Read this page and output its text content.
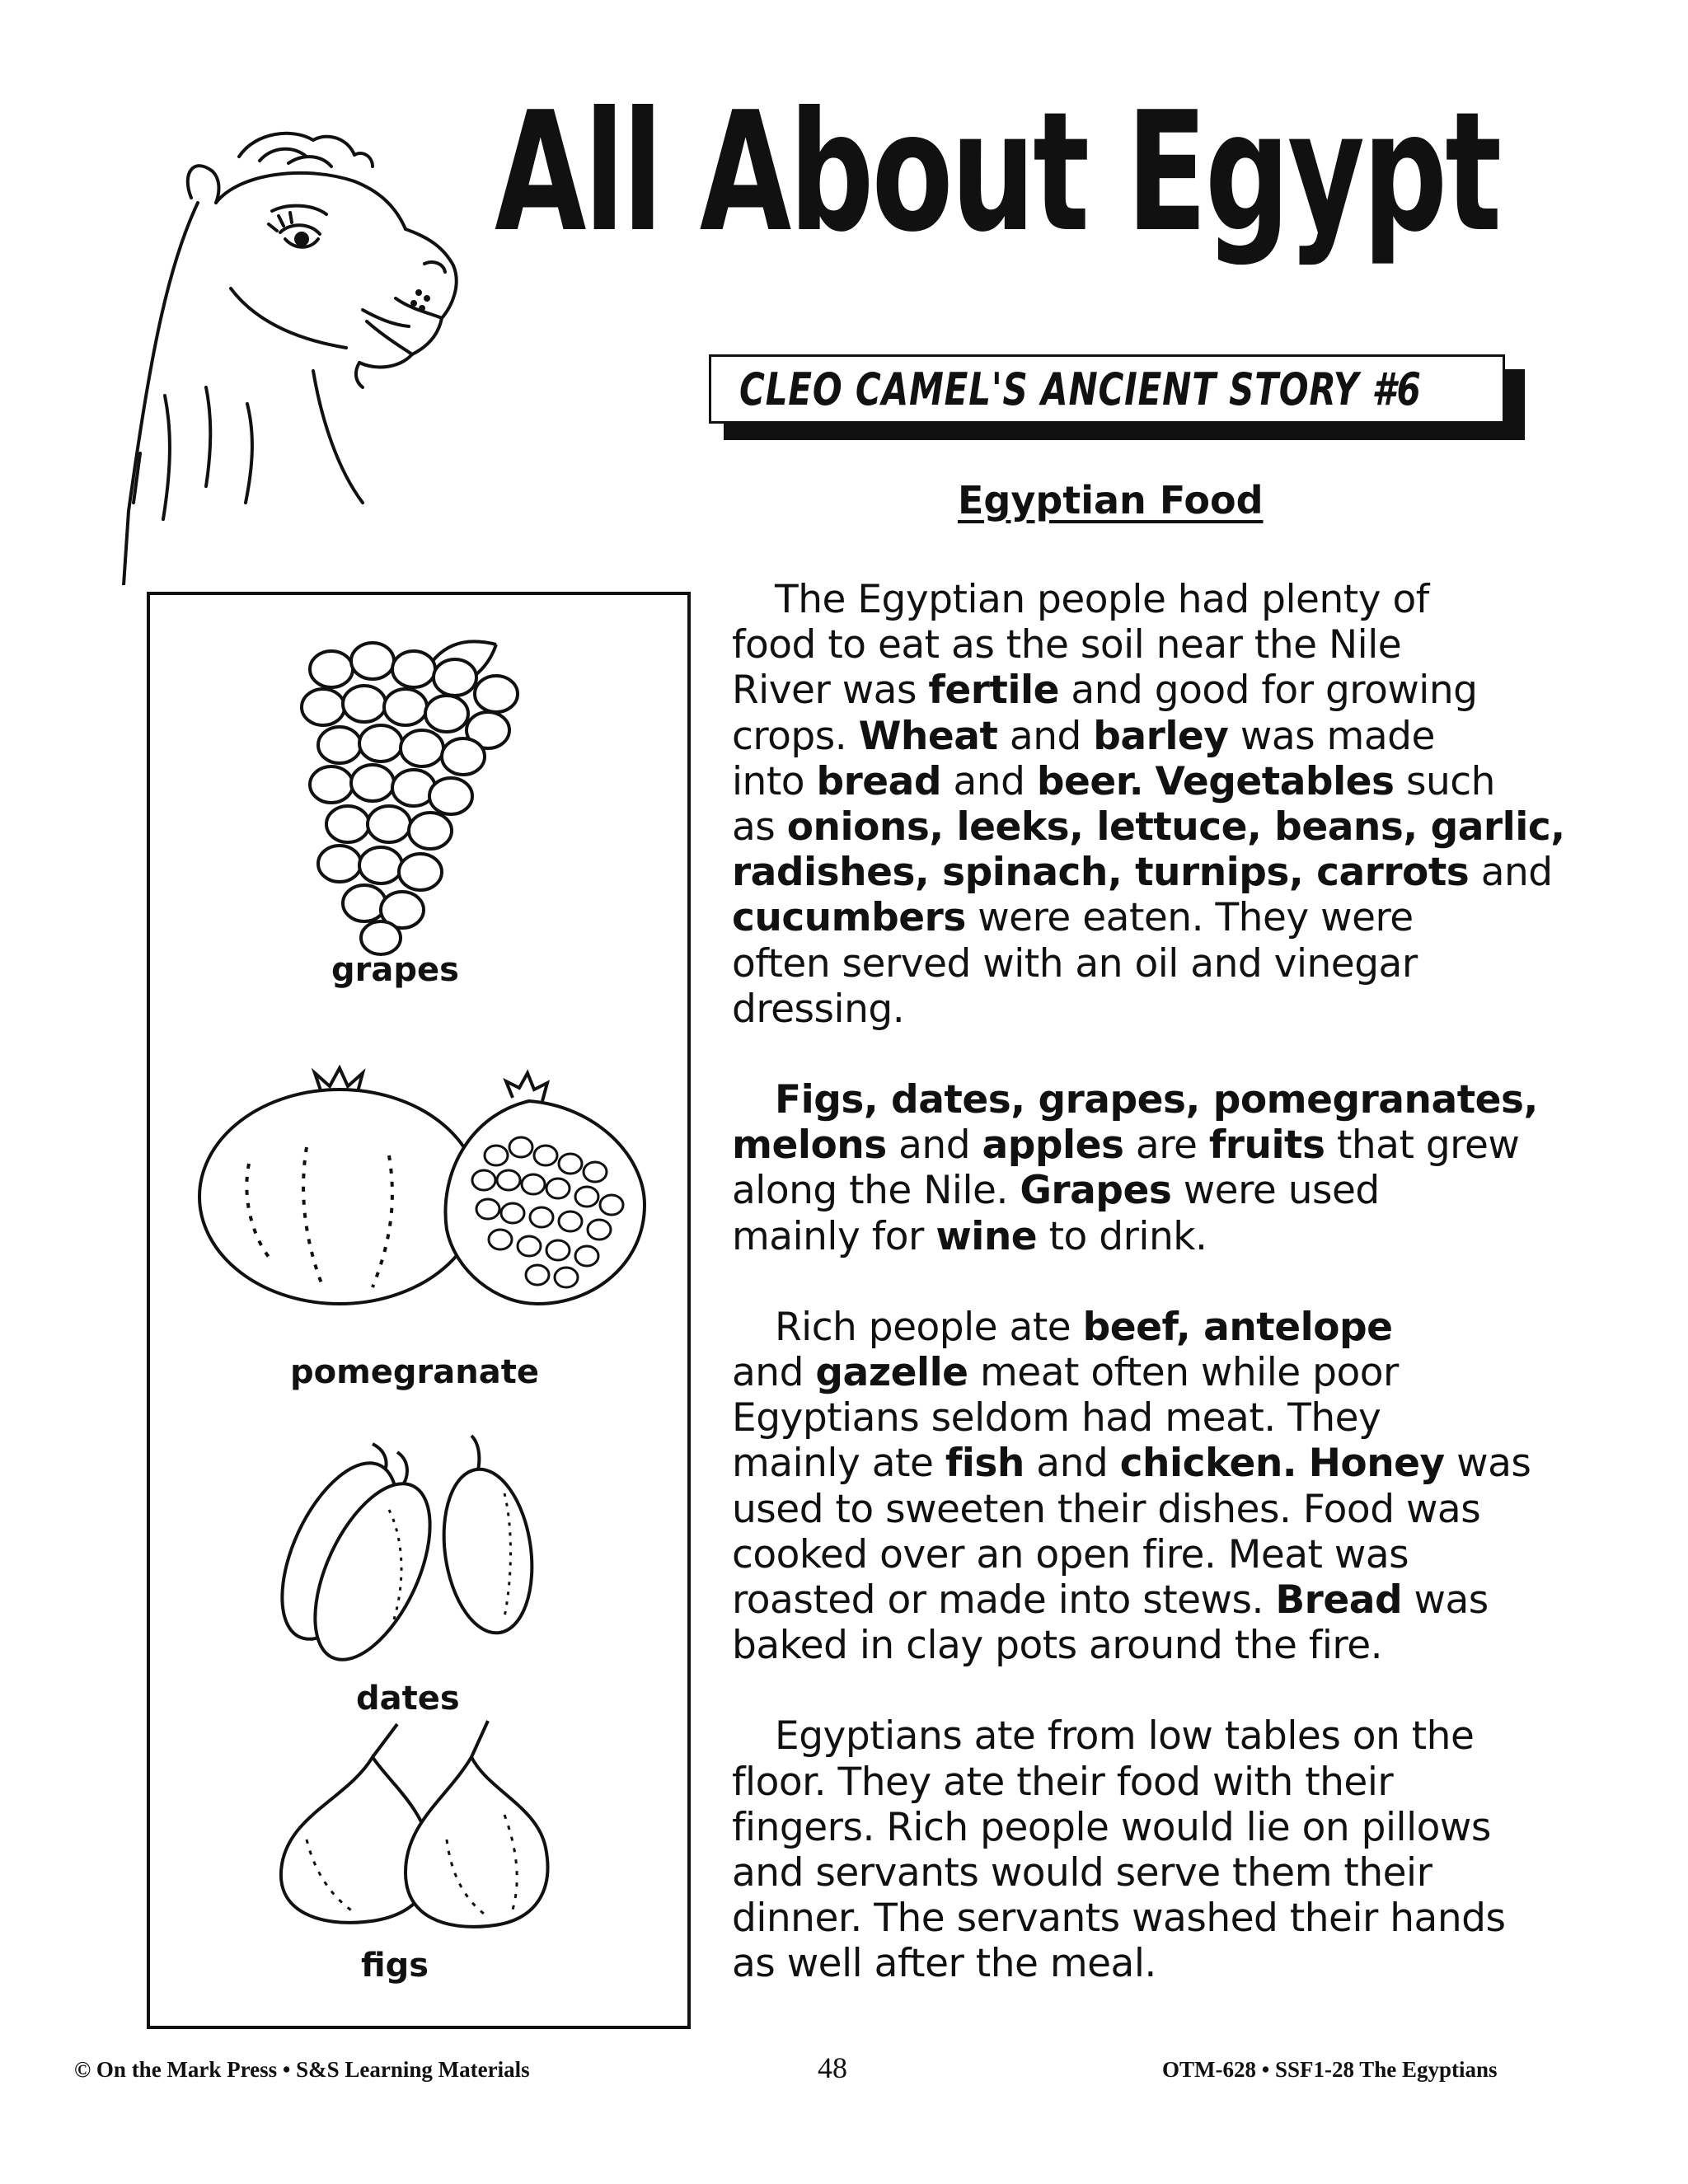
All About Egypt
CLEO CAMEL'S ANCIENT STORY #6
Egyptian Food
The Egyptian people had plenty of
food to eat as the soil near the Nile
River was fertile and good for growing
crops. Wheat and barley was made
into bread and beer. Vegetables such
as onions, leeks, lettuce, beans, garlic,
radishes, spinach, turnips, carrots and
cucumbers were eaten. They were
often served with an oil and vinegar
dressing.
Figs, dates, grapes, pomegranates,
melons and apples are fruits that grew
along the Nile. Grapes were used
mainly for wine to drink.
Rich people ate beef, antelope
and gazelle meat often while poor
Egyptians seldom had meat. They
mainly ate fish and chicken. Honey was
used to sweeten their dishes. Food was
cooked over an open fire. Meat was
roasted or made into stews. Bread was
baked in clay pots around the fire.
Egyptians ate from low tables on the
floor. They ate their food with their
fingers. Rich people would lie on pillows
and servants would serve them their
dinner. The servants washed their hands
as well after the meal.
grapes
pomegranate
dates
figs
© On the Mark Press • S&S Learning Materials	48	OTM-628 • SSF1-28 The Egyptians
